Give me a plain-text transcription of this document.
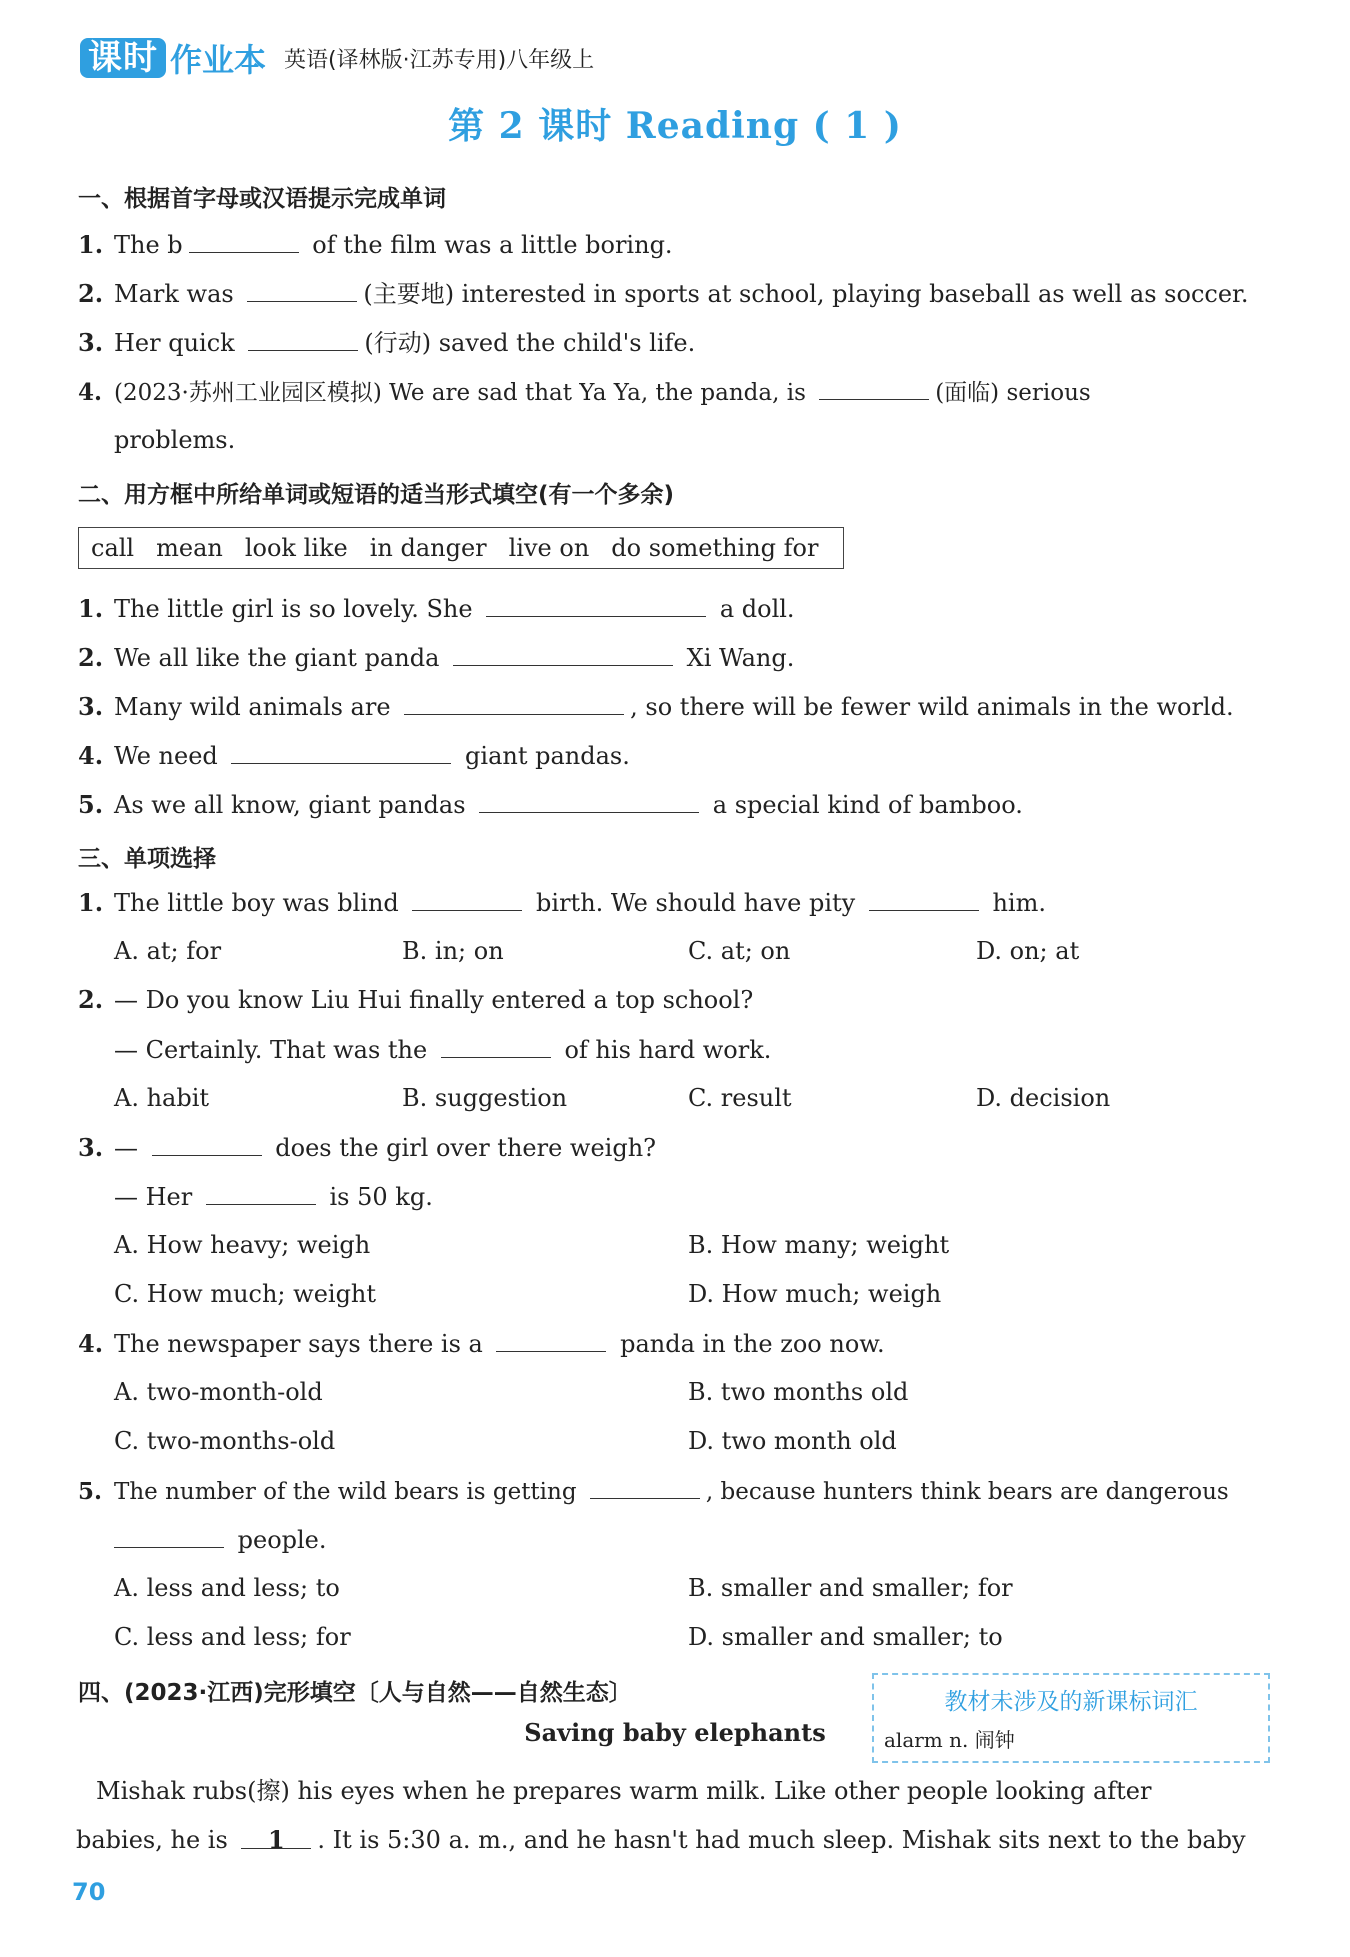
课时 作业本 英语(译林版·江苏专用)八年级上
第 2 课时 Reading ( 1 )
一、根据首字母或汉语提示完成单词
1. The b	of the film was a little boring.
2. Mark was	(主要地) interested in sports at school, playing baseball as well as soccer.
3. Her quick	(行动) saved the child's life.
4. (2023·苏州工业园区模拟) We are sad that Ya Ya, the panda, is	(面临) serious
problems.
二、用方框中所给单词或短语的适当形式填空(有一个多余)
call mean look like in danger live on do something for
1. The little girl is so lovely. She	a doll.
2. We all like the giant panda	Xi Wang.
3. Many wild animals are	, so there will be fewer wild animals in the world.
4. We need	giant pandas.
5. As we all know, giant pandas	a special kind of bamboo.
三、单项选择
1. The little boy was blind	birth. We should have pity	him.
A. at; for	B. in; on	C. at; on	D. on; at
2. — Do you know Liu Hui finally entered a top school?
— Certainly. That was the	of his hard work.
A. habit	B. suggestion	C. result	D. decision
3. —	does the girl over there weigh?
— Her	is 50 kg.
A. How heavy; weigh	B. How many; weight
C. How much; weight	D. How much; weigh
4. The newspaper says there is a	panda in the zoo now.
A. two-month-old	B. two months old
C. two-months-old	D. two month old
5. The number of the wild bears is getting	, because hunters think bears are dangerous
people.
A. less and less; to	B. smaller and smaller; for
C. less and less; for	D. smaller and smaller; to
四、(2023·江西)完形填空〔人与自然——自然生态〕	教材未涉及的新课标词汇
alarm n. 闹钟
Saving baby elephants
Mishak rubs(擦) his eyes when he prepares warm milk. Like other people looking after
babies, he is 1 . It is 5:30 a. m., and he hasn't had much sleep. Mishak sits next to the baby
70
